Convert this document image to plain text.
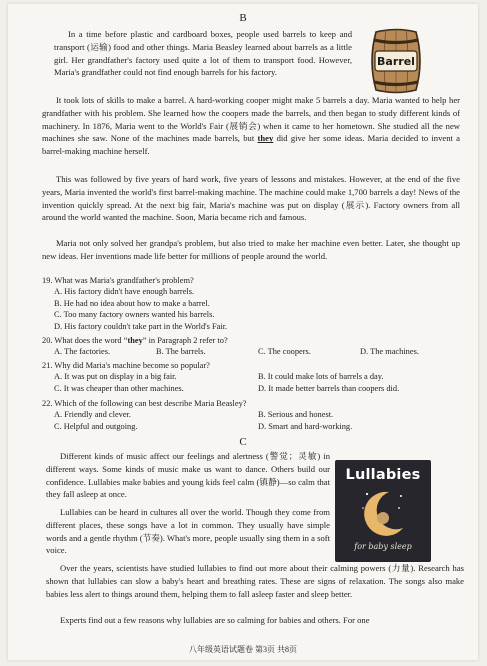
B
Barrel

In a time before plastic and cardboard boxes, people used barrels to keep and transport (运输) food and other things. Maria Beasley learned about barrels as a little girl. Her grandfather's factory used quite a lot of them to transport food. However, Maria's grandfather could not find enough barrels for his factory.

It took lots of skills to make a barrel. A hard-working cooper might make 5 barrels a day. Maria wanted to help her grandfather with his problem. She learned how the coopers made the barrels, and then began to study different kinds of machinery. In 1876, Maria went to the World's Fair (展销会) when it came to her hometown. She studied all the new machines she saw. None of the machines made barrels, but they did give her some ideas. Maria decided to invent a barrel-making machine herself.

This was followed by five years of hard work, five years of lessons and mistakes. However, at the end of the five years, Maria invented the world's first barrel-making machine. The machine could make 1,700 barrels a day! News of the invention quickly spread. At the next big fair, Maria's machine was put on display (展示). Factory owners from all around the world wanted the machine. Soon, Maria became rich and famous.

Maria not only solved her grandpa's problem, but also tried to make her machine even better. Later, she thought up new ideas. Her inventions made life better for millions of people around the world.

19. What was Maria's grandfather's problem?
A. His factory didn't have enough barrels.
B. He had no idea about how to make a barrel.
C. Too many factory owners wanted his barrels.
D. His factory couldn't take part in the World's Fair.
20. What does the word “they” in Paragraph 2 refer to?
A. The factories.	B. The barrels.	C. The coopers.	D. The machines.
21. Why did Maria's machine become so popular?
A. It was put on display in a big fair.	B. It could make lots of barrels a day.
C. It was cheaper than other machines.	D. It made better barrels than coopers did.
22. Which of the following can best describe Maria Beasley?
A. Friendly and clever.	B. Serious and honest.
C. Helpful and outgoing.	D. Smart and hard-working.
C
Lullabies
for baby sleep

Different kinds of music affect our feelings and alertness (警觉；灵敏) in different ways. Some kinds of music make us want to dance. Others build our confidence. Lullabies make babies and young kids feel calm (镇静)—so calm that they fall asleep at once.

Lullabies can be heard in cultures all over the world. Though they come from different places, these songs have a lot in common. They usually have simple words and a gentle rhythm (节奏). What's more, people usually sing them in a soft voice.

Over the years, scientists have studied lullabies to find out more about their calming powers (力量). Research has shown that lullabies can slow a baby's heart and breathing rates. These are signs of relaxation. The songs also make babies less alert to things around them, helping them to fall asleep faster and sleep better.

Experts find out a few reasons why lullabies are so calming for babies and others. For one

八年级英语试题卷 第3页 共8页
